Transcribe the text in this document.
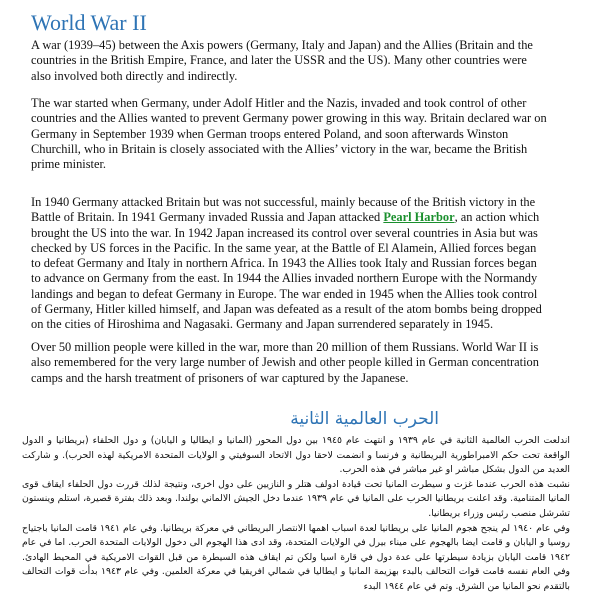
World War II

A war (1939–45) between the Axis powers (Germany, Italy and Japan) and the Allies (Britain and the countries in the British Empire, France, and later the USSR and the US). Many other countries were also involved both directly and indirectly.

The war started when Germany, under Adolf Hitler and the Nazis, invaded and took control of other countries and the Allies wanted to prevent Germany power growing in this way. Britain declared war on Germany in September 1939 when German troops entered Poland, and soon afterwards Winston Churchill, who in Britain is closely associated with the Allies’ victory in the war, became the British prime minister.

In 1940 Germany attacked Britain but was not successful, mainly because of the British victory in the Battle of Britain. In 1941 Germany invaded Russia and Japan attacked Pearl Harbor, an action which brought the US into the war. In 1942 Japan increased its control over several countries in Asia but was checked by US forces in the Pacific. In the same year, at the Battle of El Alamein, Allied forces began to defeat Germany and Italy in northern Africa. In 1943 the Allies took Italy and Russian forces began to advance on Germany from the east. In 1944 the Allies invaded northern Europe with the Normandy landings and began to defeat Germany in Europe. The war ended in 1945 when the Allies took control of Germany, Hitler killed himself, and Japan was defeated as a result of the atom bombs being dropped on the cities of Hiroshima and Nagasaki. Germany and Japan surrendered separately in 1945.

Over 50 million people were killed in the war, more than 20 million of them Russians. World War II is also remembered for the very large number of Jewish and other people killed in German concentration camps and the harsh treatment of prisoners of war captured by the Japanese.

الحرب العالمية الثانية

اندلعت الحرب العالمية الثانية في عام ١٩٣٩ و انتهت عام ١٩٤٥ بين دول المحور (المانيا و ايطاليا و اليابان) و دول الحلفاء (بريطانيا و الدول الواقعة تحت حكم الامبراطورية البريطانية و فرنسا و انضمت لاحقا دول الاتحاد السوفيتي و الولايات المتحدة الامريكية لهذه الحرب). و شاركت العديد من الدول بشكل مباشر او غير مباشر في هذه الحرب.

نشبت هذه الحرب عندما غزت و سيطرت المانيا تحت قيادة ادولف هتلر و النازيين على دول اخرى، ونتيجة لذلك قررت دول الحلفاء ايقاف قوى المانيا المتنامية. وقد اعلنت بريطانيا الحرب على المانيا في عام ١٩٣٩ عندما دخل الجيش الالماني بولندا. وبعد ذلك بفترة قصيرة، استلم وينستون تشرشل منصب رئيس وزراء بريطانيا.

وفي عام ١٩٤٠ لم ينجح هجوم المانيا على بريطانيا لعدة اسباب اهمها الانتصار البريطاني في معركة بريطانيا. وفي عام ١٩٤١ قامت المانيا باجتياح روسيا و اليابان و قامت ايضا بالهجوم على ميناء بيرل في الولايات المتحدة، وقد ادى هذا الهجوم الى دخول الولايات المتحدة الحرب. اما في عام ١٩٤٢ قامت اليابان بزيادة سيطرتها على عدة دول في قارة اسيا ولكن تم ايقاف هذه السيطرة من قبل القوات الامريكية في المحيط الهادئ. وفي العام نفسه قامت قوات التحالف بالبدء بهزيمة المانيا و ايطاليا في شمالي افريقيا في معركة العلمين. وفي عام ١٩٤٣ بدأت قوات التحالف بالتقدم نحو المانيا من الشرق. وتم في عام ١٩٤٤ البدء
